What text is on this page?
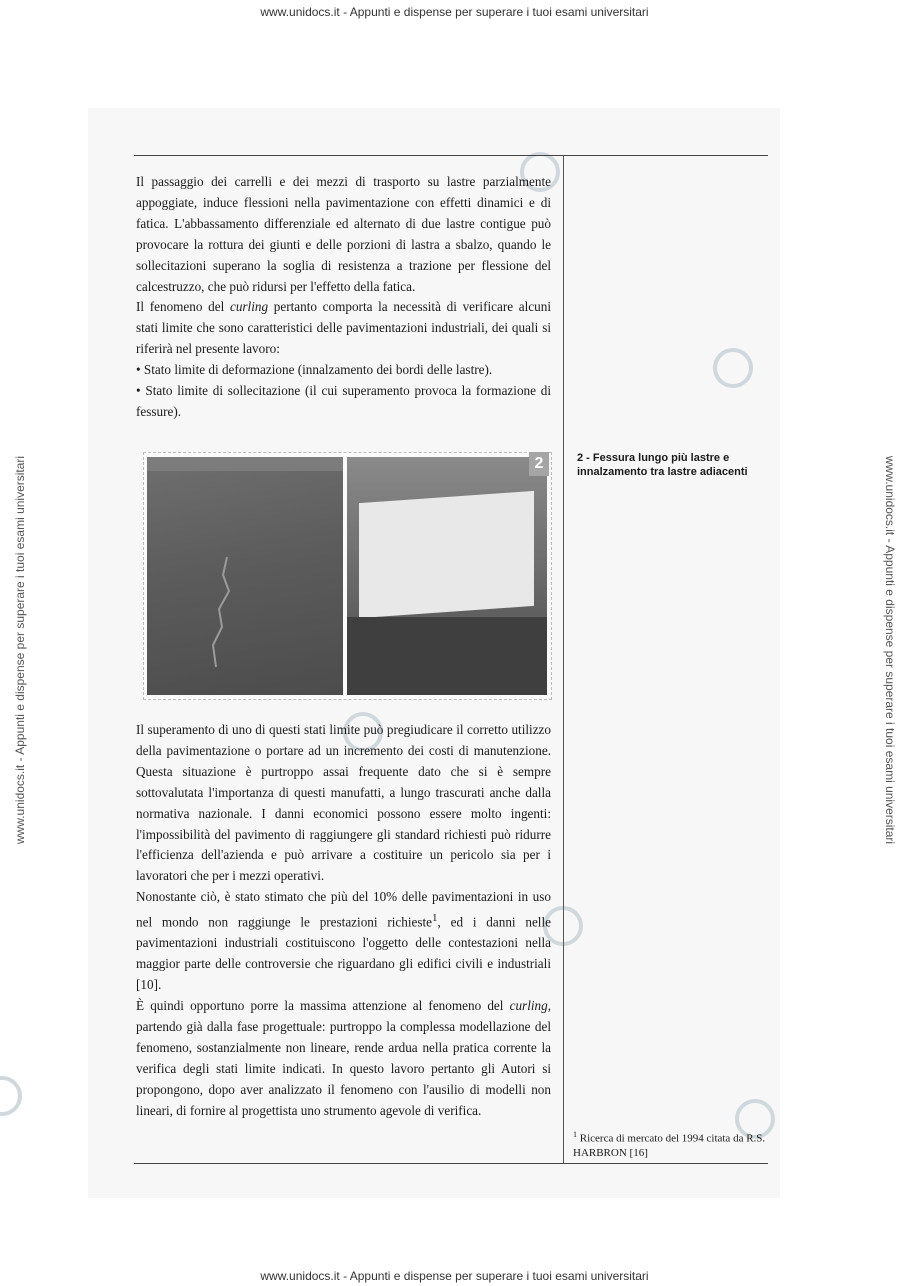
www.unidocs.it - Appunti e dispense per superare i tuoi esami universitari
www.unidocs.it - Appunti e dispense per superare i tuoi esami universitari
www.unidocs.it - Appunti e dispense per superare i tuoi esami universitari	www.unidocs.it - Appunti e dispense per superare i tuoi esami universitari

Il passaggio dei carrelli e dei mezzi di trasporto su lastre parzialmente appoggiate, induce flessioni nella pavimentazione con effetti dinamici e di fatica. L'abbassamento differenziale ed alternato di due lastre contigue può provocare la rottura dei giunti e delle porzioni di lastra a sbalzo, quando le sollecitazioni superano la soglia di resistenza a trazione per flessione del calcestruzzo, che può ridursi per l'effetto della fatica.

Il fenomeno del curling pertanto comporta la necessità di verificare alcuni stati limite che sono caratteristici delle pavimentazioni industriali, dei quali si riferirà nel presente lavoro:

• Stato limite di deformazione (innalzamento dei bordi delle lastre).

• Stato limite di sollecitazione (il cui superamento provoca la formazione di fessure).

2	2 - Fessura lungo più lastre e innalzamento tra lastre adiacenti

Il superamento di uno di questi stati limite può pregiudicare il corretto utilizzo della pavimentazione o portare ad un incremento dei costi di manutenzione. Questa situazione è purtroppo assai frequente dato che si è sempre sottovalutata l'importanza di questi manufatti, a lungo trascurati anche dalla normativa nazionale. I danni economici possono essere molto ingenti: l'impossibilità del pavimento di raggiungere gli standard richiesti può ridurre l'efficienza dell'azienda e può arrivare a costituire un pericolo sia per i lavoratori che per i mezzi operativi.

Nonostante ciò, è stato stimato che più del 10% delle pavimentazioni in uso nel mondo non raggiunge le prestazioni richieste$^1$, ed i danni nelle pavimentazioni industriali costituiscono l'oggetto delle contestazioni nella maggior parte delle controversie che riguardano gli edifici civili e industriali [10].

È quindi opportuno porre la massima attenzione al fenomeno del curling, partendo già dalla fase progettuale: purtroppo la complessa modellazione del fenomeno, sostanzialmente non lineare, rende ardua nella pratica corrente la verifica degli stati limite indicati. In questo lavoro pertanto gli Autori si propongono, dopo aver analizzato il fenomeno con l'ausilio di modelli non lineari, di fornire al progettista uno strumento agevole di verifica.

$^1$ Ricerca di mercato del 1994 citata da R.S. HARBRON [16]
